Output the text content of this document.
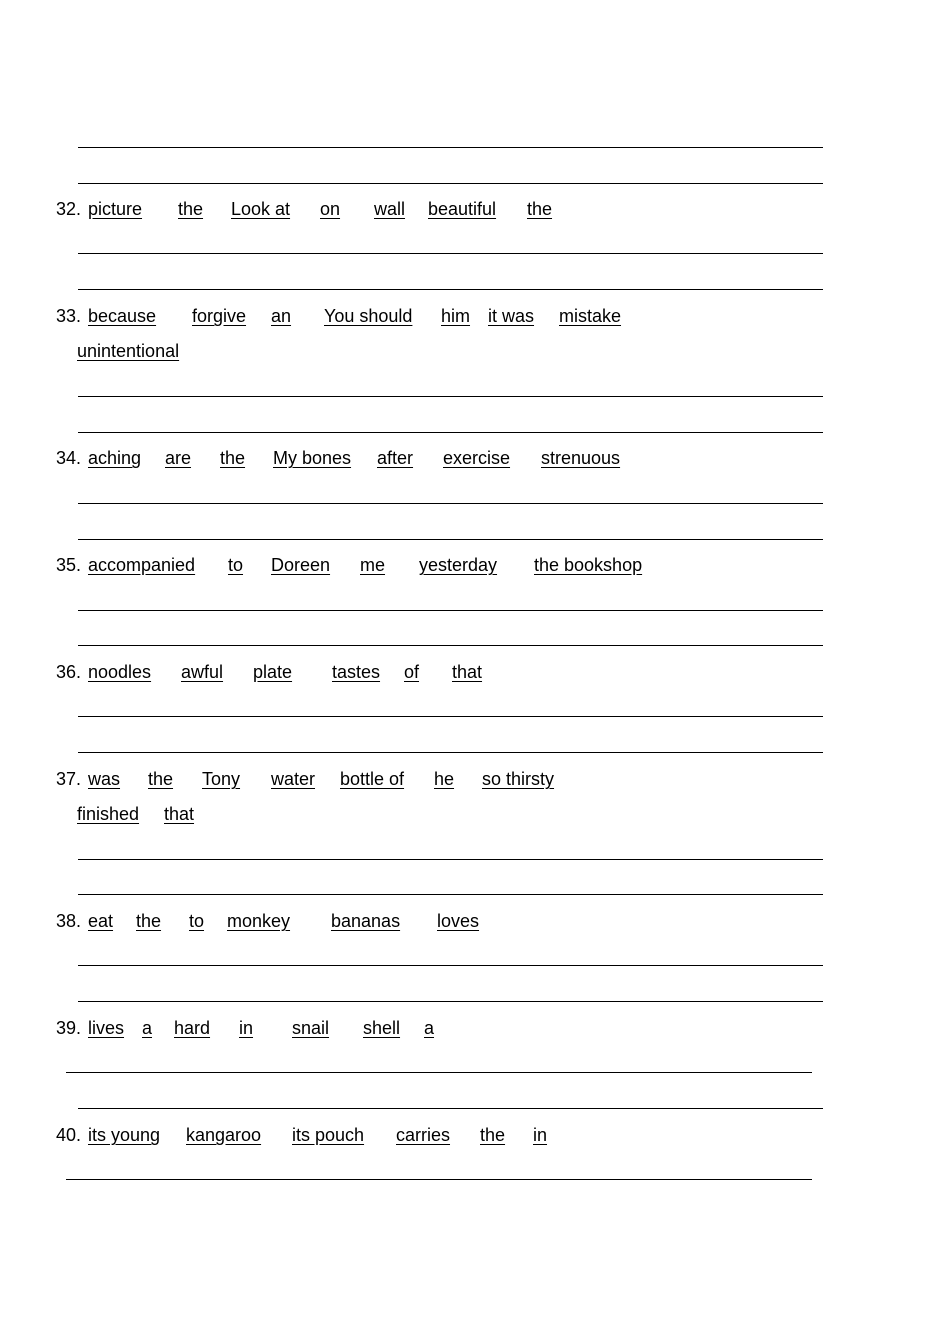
32. picture the Look at on wall beautiful the
33. because forgive an You should him it was mistake
unintentional
34. aching are the My bones after exercise strenuous
35. accompanied to Doreen me yesterday the bookshop
36. noodles awful plate tastes of that
37. was the Tony water bottle of he so thirsty
finished that
38. eat the to monkey bananas loves
39. lives a hard in snail shell a
40. its young kangaroo its pouch carries the in
